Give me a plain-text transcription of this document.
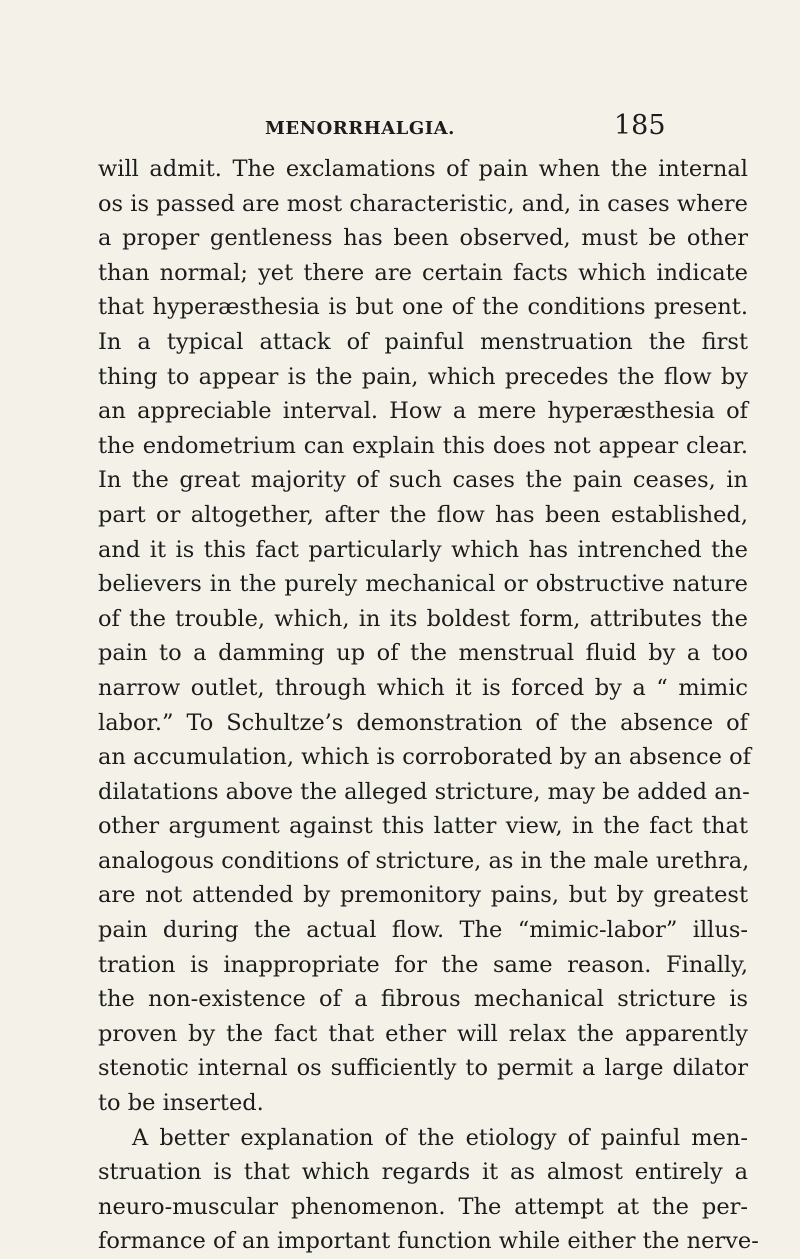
MENORRHALGIA.	185
will admit. The exclamations of pain when the internal
os is passed are most characteristic, and, in cases where
a proper gentleness has been observed, must be other
than normal; yet there are certain facts which indicate
that hyperæsthesia is but one of the conditions present.
In a typical attack of painful menstruation the first
thing to appear is the pain, which precedes the flow by
an appreciable interval. How a mere hyperæsthesia of
the endometrium can explain this does not appear clear.
In the great majority of such cases the pain ceases, in
part or altogether, after the flow has been established,
and it is this fact particularly which has intrenched the
believers in the purely mechanical or obstructive nature
of the trouble, which, in its boldest form, attributes the
pain to a damming up of the menstrual fluid by a too
narrow outlet, through which it is forced by a “ mimic
labor.” To Schultze’s demonstration of the absence of
an accumulation, which is corroborated by an absence of
dilatations above the alleged stricture, may be added an-
other argument against this latter view, in the fact that
analogous conditions of stricture, as in the male urethra,
are not attended by premonitory pains, but by greatest
pain during the actual flow. The “mimic-labor” illus-
tration is inappropriate for the same reason. Finally,
the non-existence of a fibrous mechanical stricture is
proven by the fact that ether will relax the apparently
stenotic internal os sufficiently to permit a large dilator
to be inserted.
A better explanation of the etiology of painful men-
struation is that which regards it as almost entirely a
neuro-muscular phenomenon. The attempt at the per-
formance of an important function while either the nerve-
